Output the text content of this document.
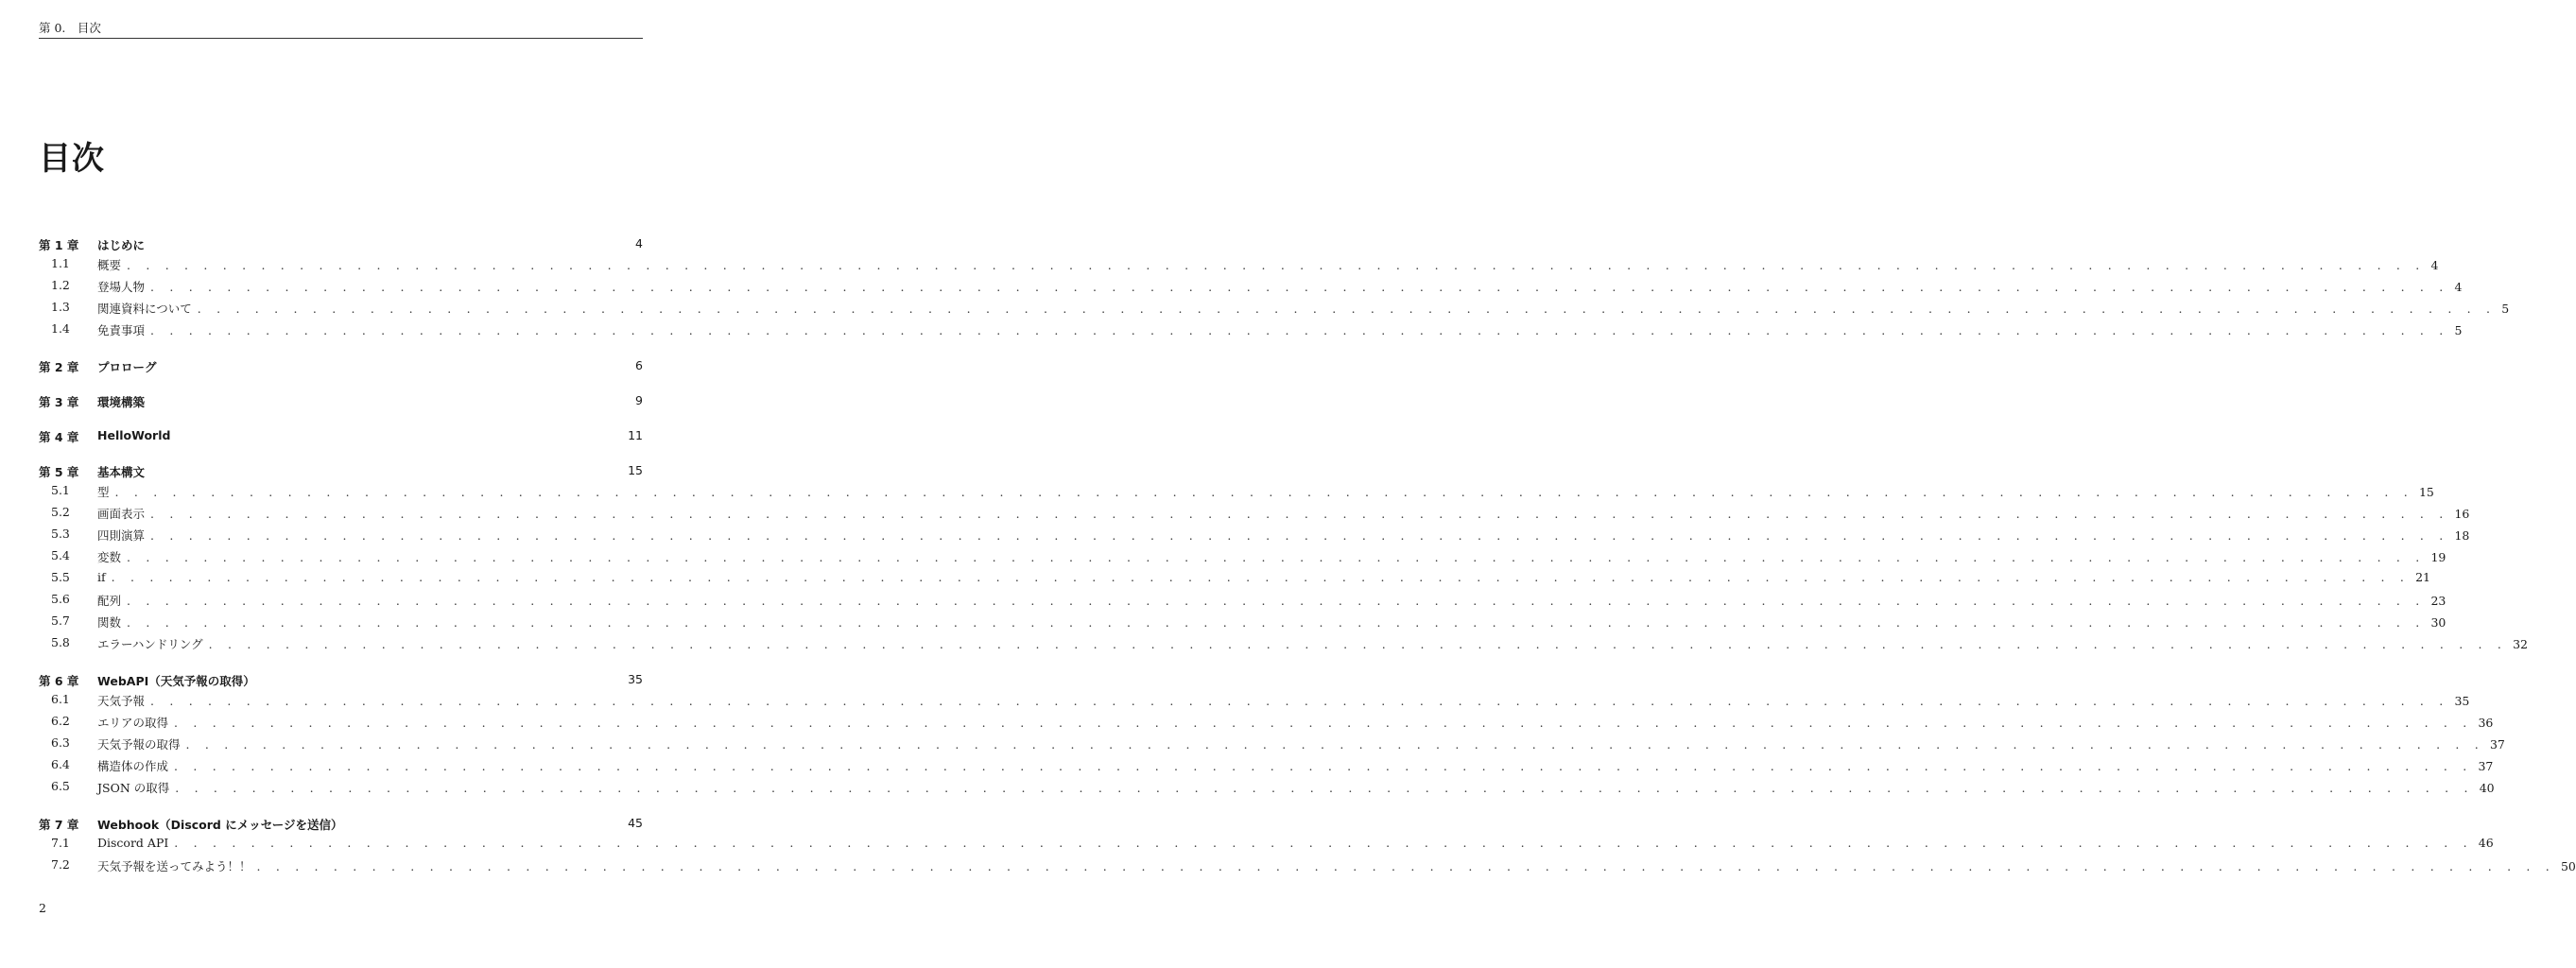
第 0.　目次
目次
第 1 章 はじめに	4
1.1 概要 . . . . . . . . . . . . . . . . . . . . . . . . . . . . . . . . . . . . . . . . . . . . . . . . . . . . . . . . . . . . . . . . . . . . . . . . . . . . . . . . . . . . . . . . . . . . . . . . . . . . . . . . . . . . . . . . . . . . . . . . 4
1.2 登場人物 . . . . . . . . . . . . . . . . . . . . . . . . . . . . . . . . . . . . . . . . . . . . . . . . . . . . . . . . . . . . . . . . . . . . . . . . . . . . . . . . . . . . . . . . . . . . . . . . . . . . . . . . . . . . . . . . . . . . . . . . 4
1.3 関連資料について . . . . . . . . . . . . . . . . . . . . . . . . . . . . . . . . . . . . . . . . . . . . . . . . . . . . . . . . . . . . . . . . . . . . . . . . . . . . . . . . . . . . . . . . . . . . . . . . . . . . . . . . . . . . . . . . . . . . . . . . 5
1.4 免責事項 . . . . . . . . . . . . . . . . . . . . . . . . . . . . . . . . . . . . . . . . . . . . . . . . . . . . . . . . . . . . . . . . . . . . . . . . . . . . . . . . . . . . . . . . . . . . . . . . . . . . . . . . . . . . . . . . . . . . . . . . 5
第 2 章 プロローグ	6
第 3 章 環境構築	9
第 4 章 HelloWorld	11
第 5 章 基本構文	15
5.1 型 . . . . . . . . . . . . . . . . . . . . . . . . . . . . . . . . . . . . . . . . . . . . . . . . . . . . . . . . . . . . . . . . . . . . . . . . . . . . . . . . . . . . . . . . . . . . . . . . . . . . . . . . . . . . . . . . . . . . . . . . 15
5.2 画面表示 . . . . . . . . . . . . . . . . . . . . . . . . . . . . . . . . . . . . . . . . . . . . . . . . . . . . . . . . . . . . . . . . . . . . . . . . . . . . . . . . . . . . . . . . . . . . . . . . . . . . . . . . . . . . . . . . . . . . . . . . 16
5.3 四則演算 . . . . . . . . . . . . . . . . . . . . . . . . . . . . . . . . . . . . . . . . . . . . . . . . . . . . . . . . . . . . . . . . . . . . . . . . . . . . . . . . . . . . . . . . . . . . . . . . . . . . . . . . . . . . . . . . . . . . . . . . 18
5.4 変数 . . . . . . . . . . . . . . . . . . . . . . . . . . . . . . . . . . . . . . . . . . . . . . . . . . . . . . . . . . . . . . . . . . . . . . . . . . . . . . . . . . . . . . . . . . . . . . . . . . . . . . . . . . . . . . . . . . . . . . . . 19
5.5 if . . . . . . . . . . . . . . . . . . . . . . . . . . . . . . . . . . . . . . . . . . . . . . . . . . . . . . . . . . . . . . . . . . . . . . . . . . . . . . . . . . . . . . . . . . . . . . . . . . . . . . . . . . . . . . . . . . . . . . . . 21
5.6 配列 . . . . . . . . . . . . . . . . . . . . . . . . . . . . . . . . . . . . . . . . . . . . . . . . . . . . . . . . . . . . . . . . . . . . . . . . . . . . . . . . . . . . . . . . . . . . . . . . . . . . . . . . . . . . . . . . . . . . . . . . 23
5.7 関数 . . . . . . . . . . . . . . . . . . . . . . . . . . . . . . . . . . . . . . . . . . . . . . . . . . . . . . . . . . . . . . . . . . . . . . . . . . . . . . . . . . . . . . . . . . . . . . . . . . . . . . . . . . . . . . . . . . . . . . . . 30
5.8 エラーハンドリング . . . . . . . . . . . . . . . . . . . . . . . . . . . . . . . . . . . . . . . . . . . . . . . . . . . . . . . . . . . . . . . . . . . . . . . . . . . . . . . . . . . . . . . . . . . . . . . . . . . . . . . . . . . . . . . . . . . . . . . . 32
第 6 章 WebAPI（天気予報の取得）	35
6.1 天気予報 . . . . . . . . . . . . . . . . . . . . . . . . . . . . . . . . . . . . . . . . . . . . . . . . . . . . . . . . . . . . . . . . . . . . . . . . . . . . . . . . . . . . . . . . . . . . . . . . . . . . . . . . . . . . . . . . . . . . . . . . 35
6.2 エリアの取得 . . . . . . . . . . . . . . . . . . . . . . . . . . . . . . . . . . . . . . . . . . . . . . . . . . . . . . . . . . . . . . . . . . . . . . . . . . . . . . . . . . . . . . . . . . . . . . . . . . . . . . . . . . . . . . . . . . . . . . . . 36
6.3 天気予報の取得 . . . . . . . . . . . . . . . . . . . . . . . . . . . . . . . . . . . . . . . . . . . . . . . . . . . . . . . . . . . . . . . . . . . . . . . . . . . . . . . . . . . . . . . . . . . . . . . . . . . . . . . . . . . . . . . . . . . . . . . . 37
6.4 構造体の作成 . . . . . . . . . . . . . . . . . . . . . . . . . . . . . . . . . . . . . . . . . . . . . . . . . . . . . . . . . . . . . . . . . . . . . . . . . . . . . . . . . . . . . . . . . . . . . . . . . . . . . . . . . . . . . . . . . . . . . . . . 37
6.5 JSON の取得 . . . . . . . . . . . . . . . . . . . . . . . . . . . . . . . . . . . . . . . . . . . . . . . . . . . . . . . . . . . . . . . . . . . . . . . . . . . . . . . . . . . . . . . . . . . . . . . . . . . . . . . . . . . . . . . . . . . . . . . . 40
第 7 章 Webhook（Discord にメッセージを送信）	45
7.1 Discord API . . . . . . . . . . . . . . . . . . . . . . . . . . . . . . . . . . . . . . . . . . . . . . . . . . . . . . . . . . . . . . . . . . . . . . . . . . . . . . . . . . . . . . . . . . . . . . . . . . . . . . . . . . . . . . . . . . . . . . . . 46
7.2 天気予報を送ってみよう！！ . . . . . . . . . . . . . . . . . . . . . . . . . . . . . . . . . . . . . . . . . . . . . . . . . . . . . . . . . . . . . . . . . . . . . . . . . . . . . . . . . . . . . . . . . . . . . . . . . . . . . . . . . . . . . . . . . . . . . . . . 50
2
